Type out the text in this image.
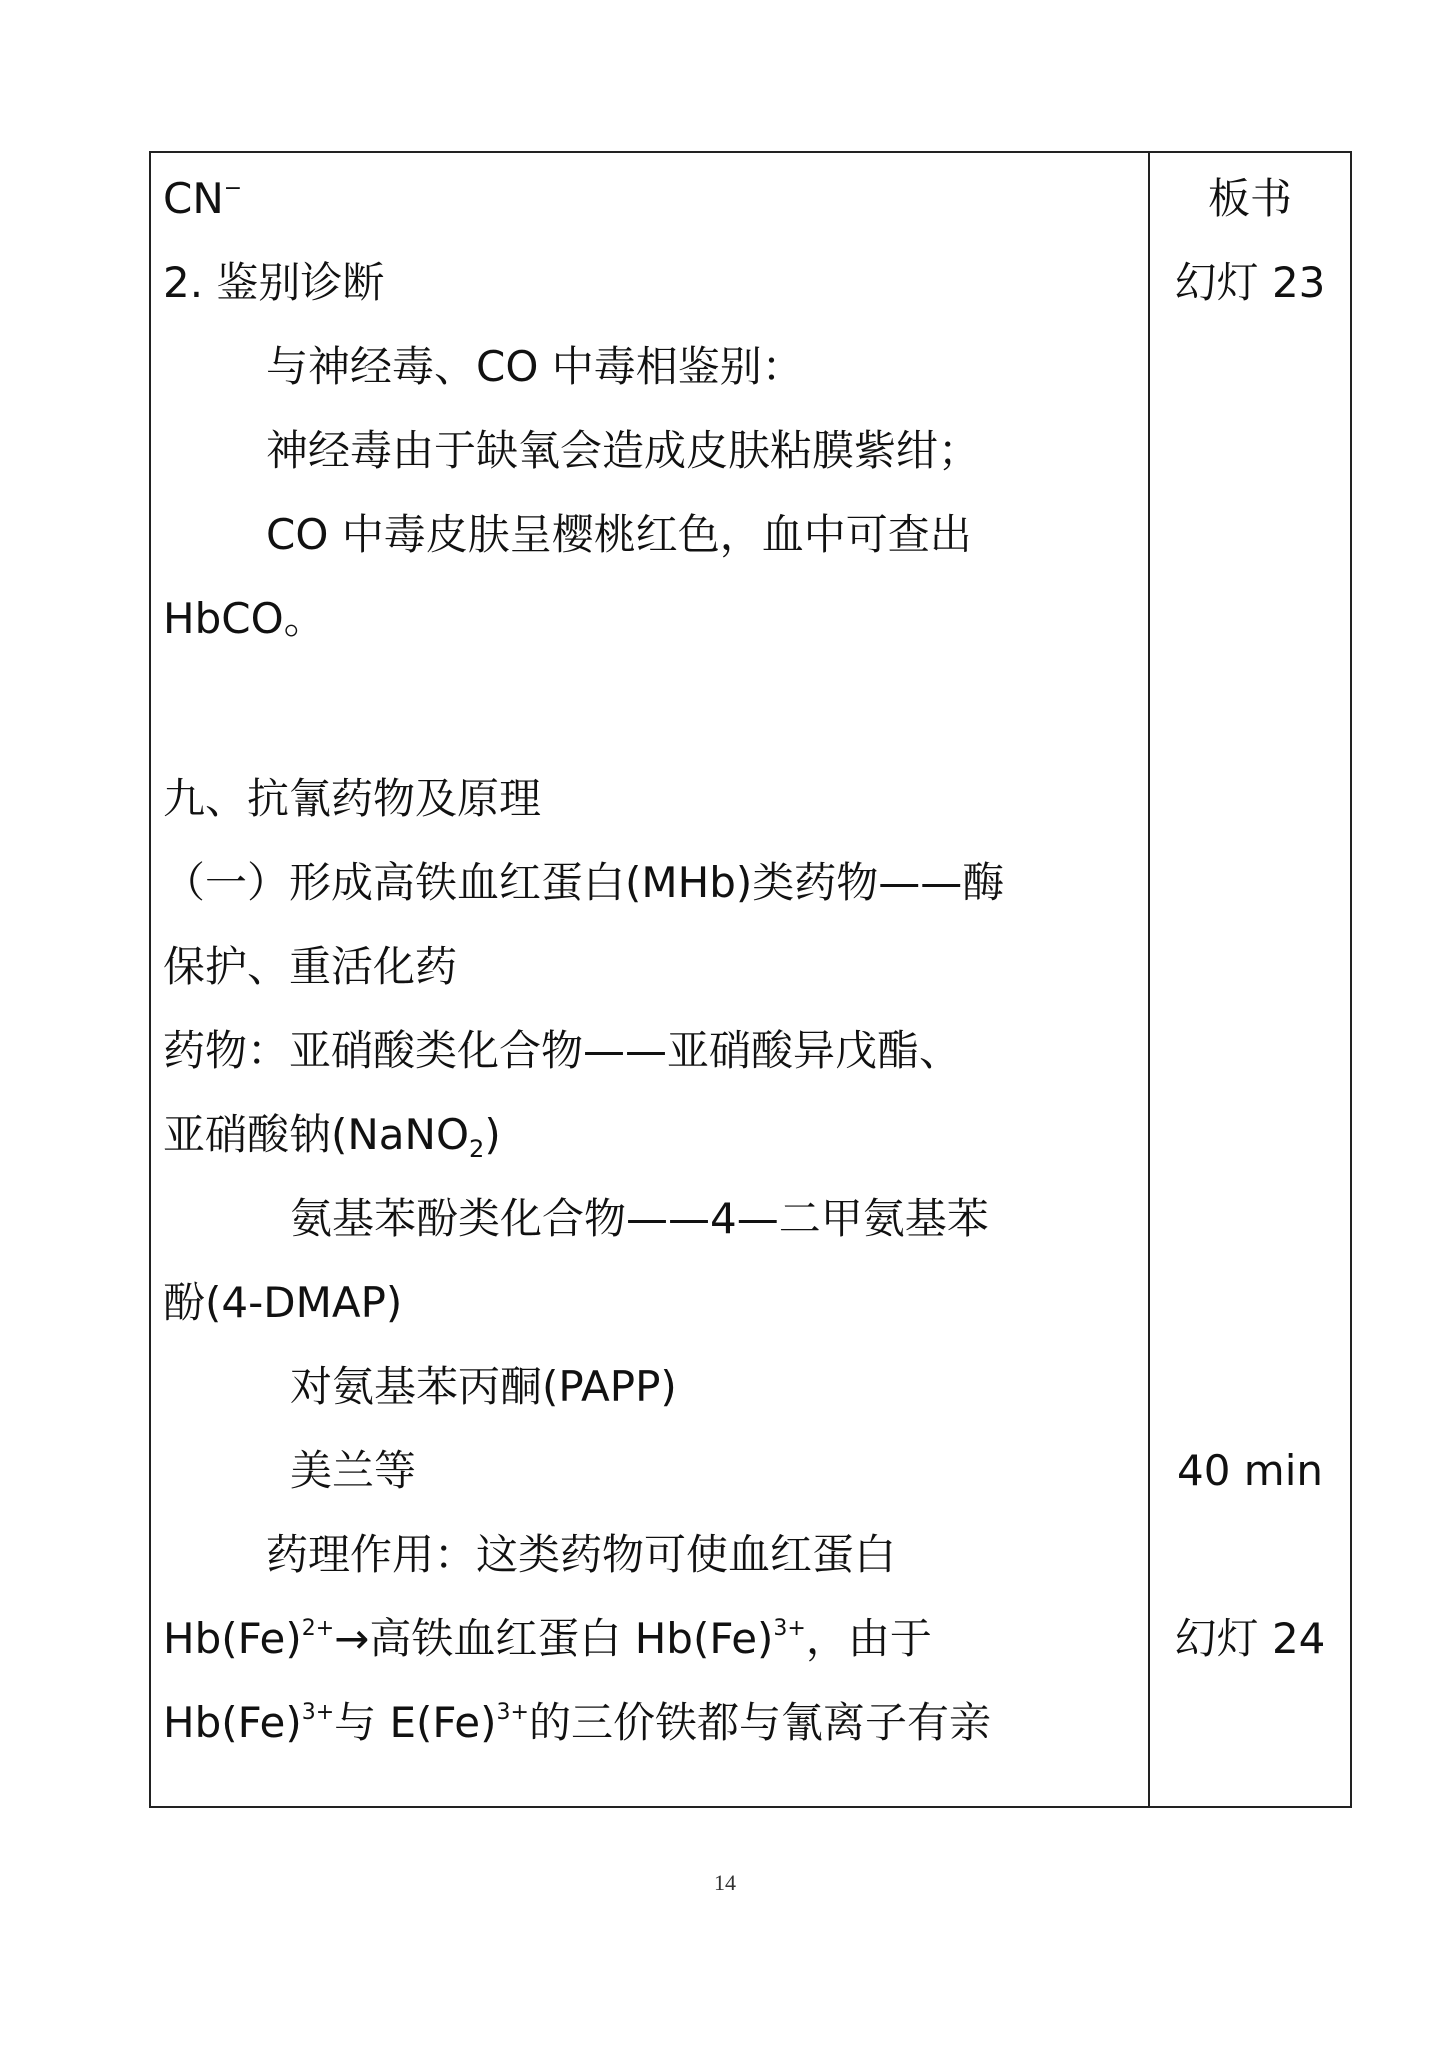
CN−
2. 鉴别诊断
与神经毒、CO 中毒相鉴别：
神经毒由于缺氧会造成皮肤粘膜紫绀；
CO 中毒皮肤呈樱桃红色，血中可查出
HbCO。
九、抗氰药物及原理
（一）形成高铁血红蛋白(MHb)类药物——酶
保护、重活化药
药物：亚硝酸类化合物——亚硝酸异戊酯、
亚硝酸钠(NaNO$_2$)
氨基苯酚类化合物——4—二甲氨基苯
酚(4-DMAP)
对氨基苯丙酮(PAPP)
美兰等
药理作用：这类药物可使血红蛋白
$Hb(Fe)^{2+}\to$高铁血红蛋白 $Hb(Fe)^{3+}$，由于
$Hb(Fe)^{3+}$与 $E(Fe)^{3+}$的三价铁都与氰离子有亲
板书
幻灯 23
40 min
幻灯 24
14
